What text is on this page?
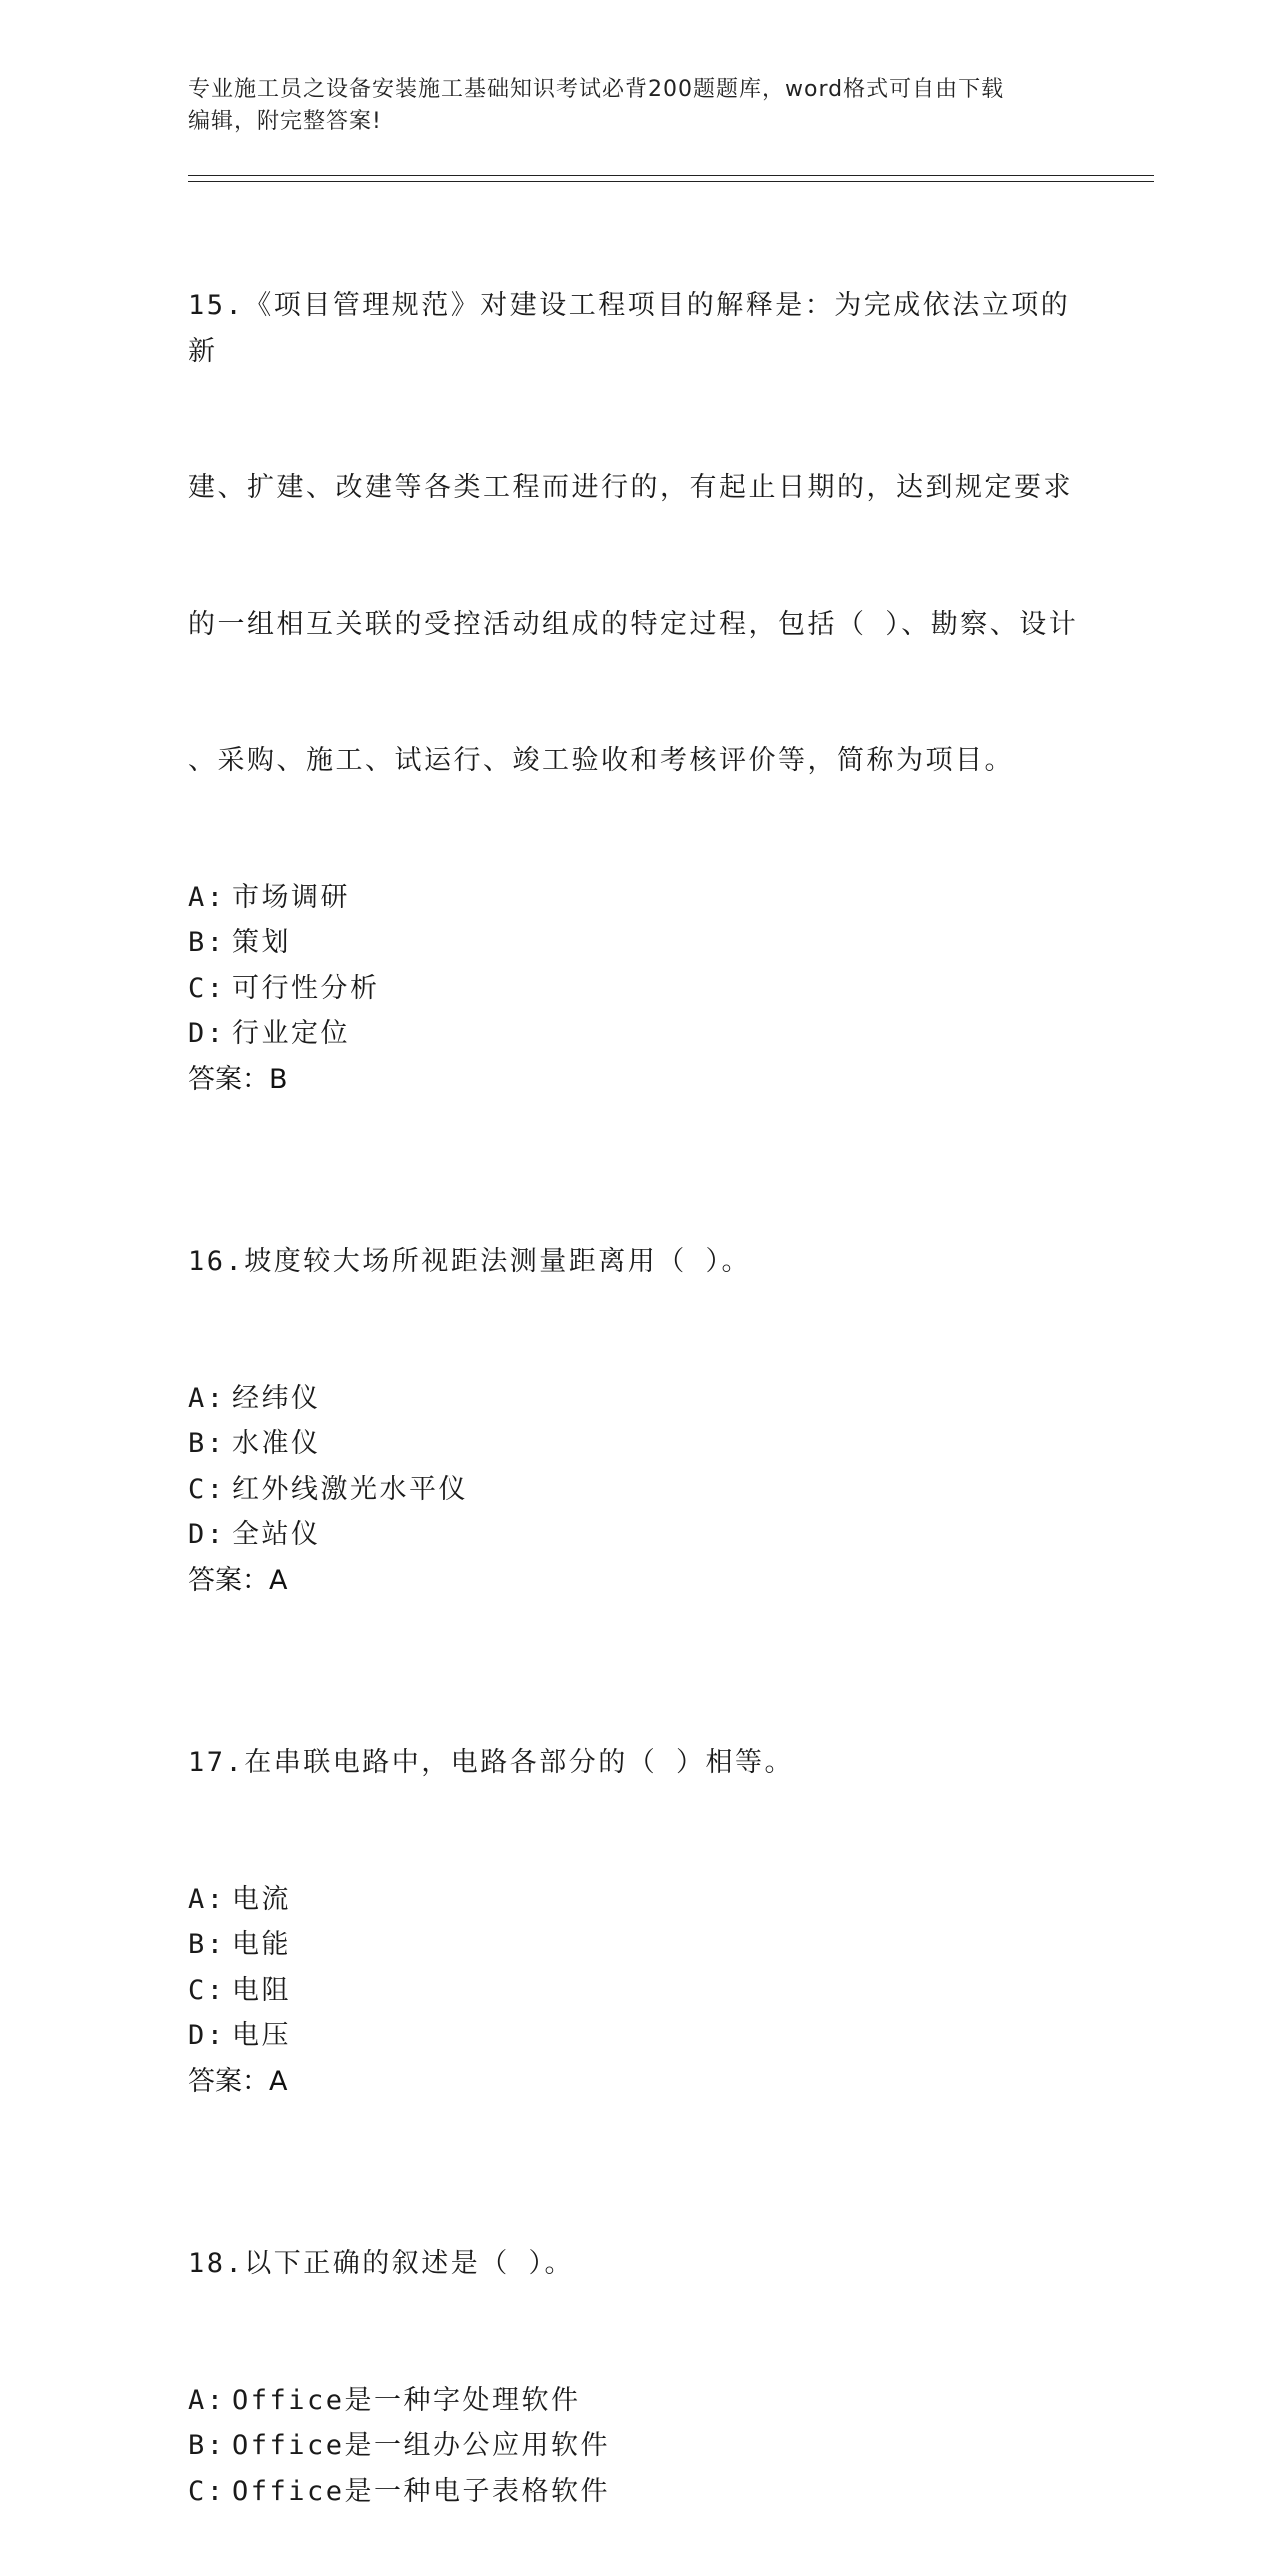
专业施工员之设备安装施工基础知识考试必背200题题库，word格式可自由下载
编辑，附完整答案!

15.《项目管理规范》对建设工程项目的解释是：为完成依法立项的新

建、扩建、改建等各类工程而进行的，有起止日期的，达到规定要求

的一组相互关联的受控活动组成的特定过程，包括（ ）、勘察、设计

、采购、施工、试运行、竣工验收和考核评价等，简称为项目。

A: 市场调研
B: 策划
C: 可行性分析
D: 行业定位
答案：B

16.坡度较大场所视距法测量距离用（ ）。

A: 经纬仪
B: 水准仪
C: 红外线激光水平仪
D: 全站仪
答案：A

17.在串联电路中，电路各部分的（ ）相等。

A: 电流
B: 电能
C: 电阻
D: 电压
答案：A

18.以下正确的叙述是（ ）。

A: Office是一种字处理软件
B: Office是一组办公应用软件
C: Office是一种电子表格软件
